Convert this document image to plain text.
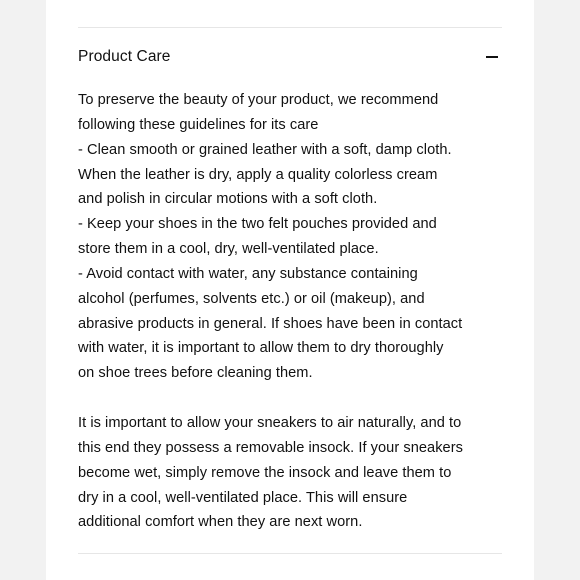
Product Care

To preserve the beauty of your product, we recommend

following these guidelines for its care

- Clean smooth or grained leather with a soft, damp cloth.

When the leather is dry, apply a quality colorless cream

and polish in circular motions with a soft cloth.

- Keep your shoes in the two felt pouches provided and

store them in a cool, dry, well-ventilated place.

- Avoid contact with water, any substance containing

alcohol (perfumes, solvents etc.) or oil (makeup), and

abrasive products in general. If shoes have been in contact

with water, it is important to allow them to dry thoroughly

on shoe trees before cleaning them.

It is important to allow your sneakers to air naturally, and to

this end they possess a removable insock. If your sneakers

become wet, simply remove the insock and leave them to

dry in a cool, well-ventilated place. This will ensure

additional comfort when they are next worn.
